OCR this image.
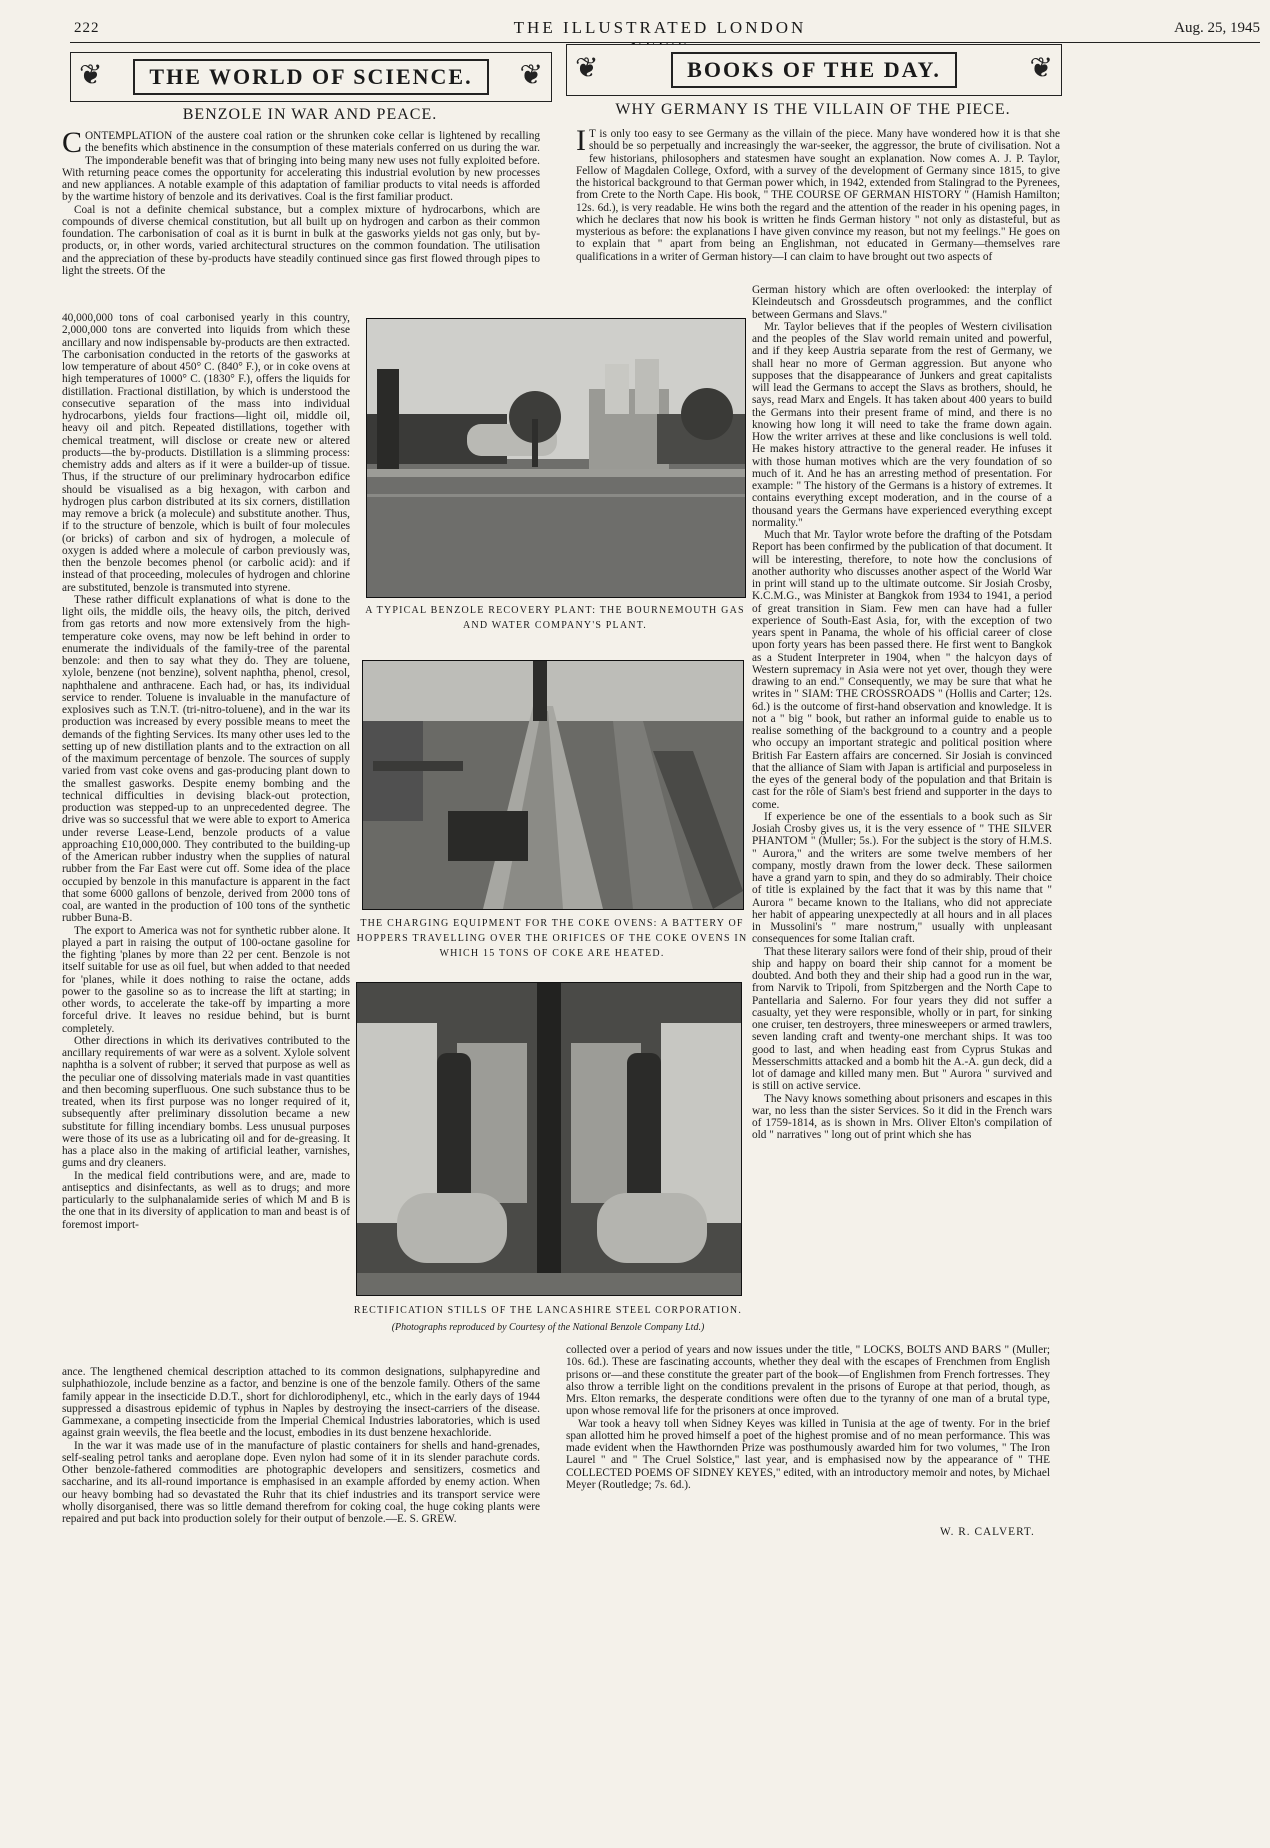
222	THE ILLUSTRATED LONDON	Aug. 25, 1945
❦	THE WORLD OF SCIENCE.	❦
BENZOLE IN WAR AND PEACE.
❦	BOOKS OF THE DAY.	❦
WHY GERMANY IS THE VILLAIN OF THE PIECE.

CONTEMPLATION of the austere coal ration or the shrunken coke cellar is lightened by recalling the benefits which abstinence in the consumption of these materials conferred on us during the war. The imponderable benefit was that of bringing into being many new uses not fully exploited before. With returning peace comes the opportunity for accelerating this industrial evolution by new processes and new appliances. A notable example of this adaptation of familiar products to vital needs is afforded by the wartime history of benzole and its derivatives. Coal is the first familiar product.

Coal is not a definite chemical substance, but a complex mixture of hydrocarbons, which are compounds of diverse chemical constitution, but all built up on hydrogen and carbon as their common foundation. The carbonisation of coal as it is burnt in bulk at the gasworks yields not gas only, but by-products, or, in other words, varied architectural structures on the common foundation. The utilisation and the appreciation of these by-products have steadily continued since gas first flowed through pipes to light the streets. Of the

40,000,000 tons of coal carbonised yearly in this country, 2,000,000 tons are converted into liquids from which these ancillary and now indispensable by-products are then extracted. The carbonisation conducted in the retorts of the gasworks at low temperature of about 450° C. (840° F.), or in coke ovens at high temperatures of 1000° C. (1830° F.), offers the liquids for distillation. Fractional distillation, by which is understood the consecutive separation of the mass into individual hydrocarbons, yields four fractions—light oil, middle oil, heavy oil and pitch. Repeated distillations, together with chemical treatment, will disclose or create new or altered products—the by-products. Distillation is a slimming process: chemistry adds and alters as if it were a builder-up of tissue. Thus, if the structure of our preliminary hydrocarbon edifice should be visualised as a big hexagon, with carbon and hydrogen plus carbon distributed at its six corners, distillation may remove a brick (a molecule) and substitute another. Thus, if to the structure of benzole, which is built of four molecules (or bricks) of carbon and six of hydrogen, a molecule of oxygen is added where a molecule of carbon previously was, then the benzole becomes phenol (or carbolic acid): and if instead of that proceeding, molecules of hydrogen and chlorine are substituted, benzole is transmuted into styrene.

These rather difficult explanations of what is done to the light oils, the middle oils, the heavy oils, the pitch, derived from gas retorts and now more extensively from the high-temperature coke ovens, may now be left behind in order to enumerate the individuals of the family-tree of the parental benzole: and then to say what they do. They are toluene, xylole, benzene (not benzine), solvent naphtha, phenol, cresol, naphthalene and anthracene. Each had, or has, its individual service to render. Toluene is invaluable in the manufacture of explosives such as T.N.T. (tri-nitro-toluene), and in the war its production was increased by every possible means to meet the demands of the fighting Services. Its many other uses led to the setting up of new distillation plants and to the extraction on all of the maximum percentage of benzole. The sources of supply varied from vast coke ovens and gas-producing plant down to the smallest gasworks. Despite enemy bombing and the technical difficulties in devising black-out protection, production was stepped-up to an unprecedented degree. The drive was so successful that we were able to export to America under reverse Lease-Lend, benzole products of a value approaching £10,000,000. They contributed to the building-up of the American rubber industry when the supplies of natural rubber from the Far East were cut off. Some idea of the place occupied by benzole in this manufacture is apparent in the fact that some 6000 gallons of benzole, derived from 2000 tons of coal, are wanted in the production of 100 tons of the synthetic rubber Buna-B.

The export to America was not for synthetic rubber alone. It played a part in raising the output of 100-octane gasoline for the fighting 'planes by more than 22 per cent. Benzole is not itself suitable for use as oil fuel, but when added to that needed for 'planes, while it does nothing to raise the octane, adds power to the gasoline so as to increase the lift at starting; in other words, to accelerate the take-off by imparting a more forceful drive. It leaves no residue behind, but is burnt completely.

Other directions in which its derivatives contributed to the ancillary requirements of war were as a solvent. Xylole solvent naphtha is a solvent of rubber; it served that purpose as well as the peculiar one of dissolving materials made in vast quantities and then becoming superfluous. One such substance thus to be treated, when its first purpose was no longer required of it, subsequently after preliminary dissolution became a new substitute for filling incendiary bombs. Less unusual purposes were those of its use as a lubricating oil and for de-greasing. It has a place also in the making of artificial leather, varnishes, gums and dry cleaners.

In the medical field contributions were, and are, made to antiseptics and disinfectants, as well as to drugs; and more particularly to the sulphanalamide series of which M and B is the one that in its diversity of application to man and beast is of foremost import-

ance. The lengthened chemical description attached to its common designations, sulphapyredine and sulphathiozole, include benzine as a factor, and benzine is one of the benzole family. Others of the same family appear in the insecticide D.D.T., short for dichlorodiphenyl, etc., which in the early days of 1944 suppressed a disastrous epidemic of typhus in Naples by destroying the insect-carriers of the disease. Gammexane, a competing insecticide from the Imperial Chemical Industries laboratories, which is used against grain weevils, the flea beetle and the locust, embodies in its dust benzene hexachloride.

In the war it was made use of in the manufacture of plastic containers for shells and hand-grenades, self-sealing petrol tanks and aeroplane dope. Even nylon had some of it in its slender parachute cords. Other benzole-fathered commodities are photographic developers and sensitizers, cosmetics and saccharine, and its all-round importance is emphasised in an example afforded by enemy action. When our heavy bombing had so devastated the Ruhr that its chief industries and its transport service were wholly disorganised, there was so little demand therefrom for coking coal, the huge coking plants were repaired and put back into production solely for their output of benzole.—E. S. GREW.

I T is only too easy to see Germany as the villain of the piece. Many have wondered how it is that she should be so perpetually and increasingly the war-seeker, the aggressor, the brute of civilisation. Not a few historians, philosophers and statesmen have sought an explanation. Now comes A. J. P. Taylor, Fellow of Magdalen College, Oxford, with a survey of the development of Germany since 1815, to give the historical background to that German power which, in 1942, extended from Stalingrad to the Pyrenees, from Crete to the North Cape. His book, " THE COURSE OF GERMAN HISTORY " (Hamish Hamilton; 12s. 6d.), is very readable. He wins both the regard and the attention of the reader in his opening pages, in which he declares that now his book is written he finds German history " not only as distasteful, but as mysterious as before: the explanations I have given convince my reason, but not my feelings." He goes on to explain that " apart from being an Englishman, not educated in Germany—themselves rare qualifications in a writer of German history—I can claim to have brought out two aspects of

German history which are often overlooked: the interplay of Kleindeutsch and Grossdeutsch programmes, and the conflict between Germans and Slavs."

Mr. Taylor believes that if the peoples of Western civilisation and the peoples of the Slav world remain united and powerful, and if they keep Austria separate from the rest of Germany, we shall hear no more of German aggression. But anyone who supposes that the disappearance of Junkers and great capitalists will lead the Germans to accept the Slavs as brothers, should, he says, read Marx and Engels. It has taken about 400 years to build the Germans into their present frame of mind, and there is no knowing how long it will need to take the frame down again. How the writer arrives at these and like conclusions is well told. He makes history attractive to the general reader. He infuses it with those human motives which are the very foundation of so much of it. And he has an arresting method of presentation. For example: " The history of the Germans is a history of extremes. It contains everything except moderation, and in the course of a thousand years the Germans have experienced everything except normality."

Much that Mr. Taylor wrote before the drafting of the Potsdam Report has been confirmed by the publication of that document. It will be interesting, therefore, to note how the conclusions of another authority who discusses another aspect of the World War in print will stand up to the ultimate outcome. Sir Josiah Crosby, K.C.M.G., was Minister at Bangkok from 1934 to 1941, a period of great transition in Siam. Few men can have had a fuller experience of South-East Asia, for, with the exception of two years spent in Panama, the whole of his official career of close upon forty years has been passed there. He first went to Bangkok as a Student Interpreter in 1904, when " the halcyon days of Western supremacy in Asia were not yet over, though they were drawing to an end." Consequently, we may be sure that what he writes in " SIAM: THE CROSSROADS " (Hollis and Carter; 12s. 6d.) is the outcome of first-hand observation and knowledge. It is not a " big " book, but rather an informal guide to enable us to realise something of the background to a country and a people who occupy an important strategic and political position where British Far Eastern affairs are concerned. Sir Josiah is convinced that the alliance of Siam with Japan is artificial and purposeless in the eyes of the general body of the population and that Britain is cast for the rôle of Siam's best friend and supporter in the days to come.

If experience be one of the essentials to a book such as Sir Josiah Crosby gives us, it is the very essence of " THE SILVER PHANTOM " (Muller; 5s.). For the subject is the story of H.M.S. " Aurora," and the writers are some twelve members of her company, mostly drawn from the lower deck. These sailormen have a grand yarn to spin, and they do so admirably. Their choice of title is explained by the fact that it was by this name that " Aurora " became known to the Italians, who did not appreciate her habit of appearing unexpectedly at all hours and in all places in Mussolini's " mare nostrum," usually with unpleasant consequences for some Italian craft.

That these literary sailors were fond of their ship, proud of their ship and happy on board their ship cannot for a moment be doubted. And both they and their ship had a good run in the war, from Narvik to Tripoli, from Spitzbergen and the North Cape to Pantellaria and Salerno. For four years they did not suffer a casualty, yet they were responsible, wholly or in part, for sinking one cruiser, ten destroyers, three minesweepers or armed trawlers, seven landing craft and twenty-one merchant ships. It was too good to last, and when heading east from Cyprus Stukas and Messerschmitts attacked and a bomb hit the A.-A. gun deck, did a lot of damage and killed many men. But " Aurora " survived and is still on active service.

The Navy knows something about prisoners and escapes in this war, no less than the sister Services. So it did in the French wars of 1759-1814, as is shown in Mrs. Oliver Elton's compilation of old " narratives " long out of print which she has

collected over a period of years and now issues under the title, " LOCKS, BOLTS AND BARS " (Muller; 10s. 6d.). These are fascinating accounts, whether they deal with the escapes of Frenchmen from English prisons or—and these constitute the greater part of the book—of Englishmen from French fortresses. They also throw a terrible light on the conditions prevalent in the prisons of Europe at that period, though, as Mrs. Elton remarks, the desperate conditions were often due to the tyranny of one man of a brutal type, upon whose removal life for the prisoners at once improved.

War took a heavy toll when Sidney Keyes was killed in Tunisia at the age of twenty. For in the brief span allotted him he proved himself a poet of the highest promise and of no mean performance. This was made evident when the Hawthornden Prize was posthumously awarded him for two volumes, " The Iron Laurel " and " The Cruel Solstice," last year, and is emphasised now by the appearance of " THE COLLECTED POEMS OF SIDNEY KEYES," edited, with an introductory memoir and notes, by Michael Meyer (Routledge; 7s. 6d.).

W. R. CALVERT.
A TYPICAL BENZOLE RECOVERY PLANT: THE BOURNEMOUTH GAS AND WATER COMPANY'S PLANT.
THE CHARGING EQUIPMENT FOR THE COKE OVENS: A BATTERY OF HOPPERS TRAVELLING OVER THE ORIFICES OF THE COKE OVENS IN WHICH 15 TONS OF COKE ARE HEATED.
RECTIFICATION STILLS OF THE LANCASHIRE STEEL CORPORATION.
(Photographs reproduced by Courtesy of the National Benzole Company Ltd.)
